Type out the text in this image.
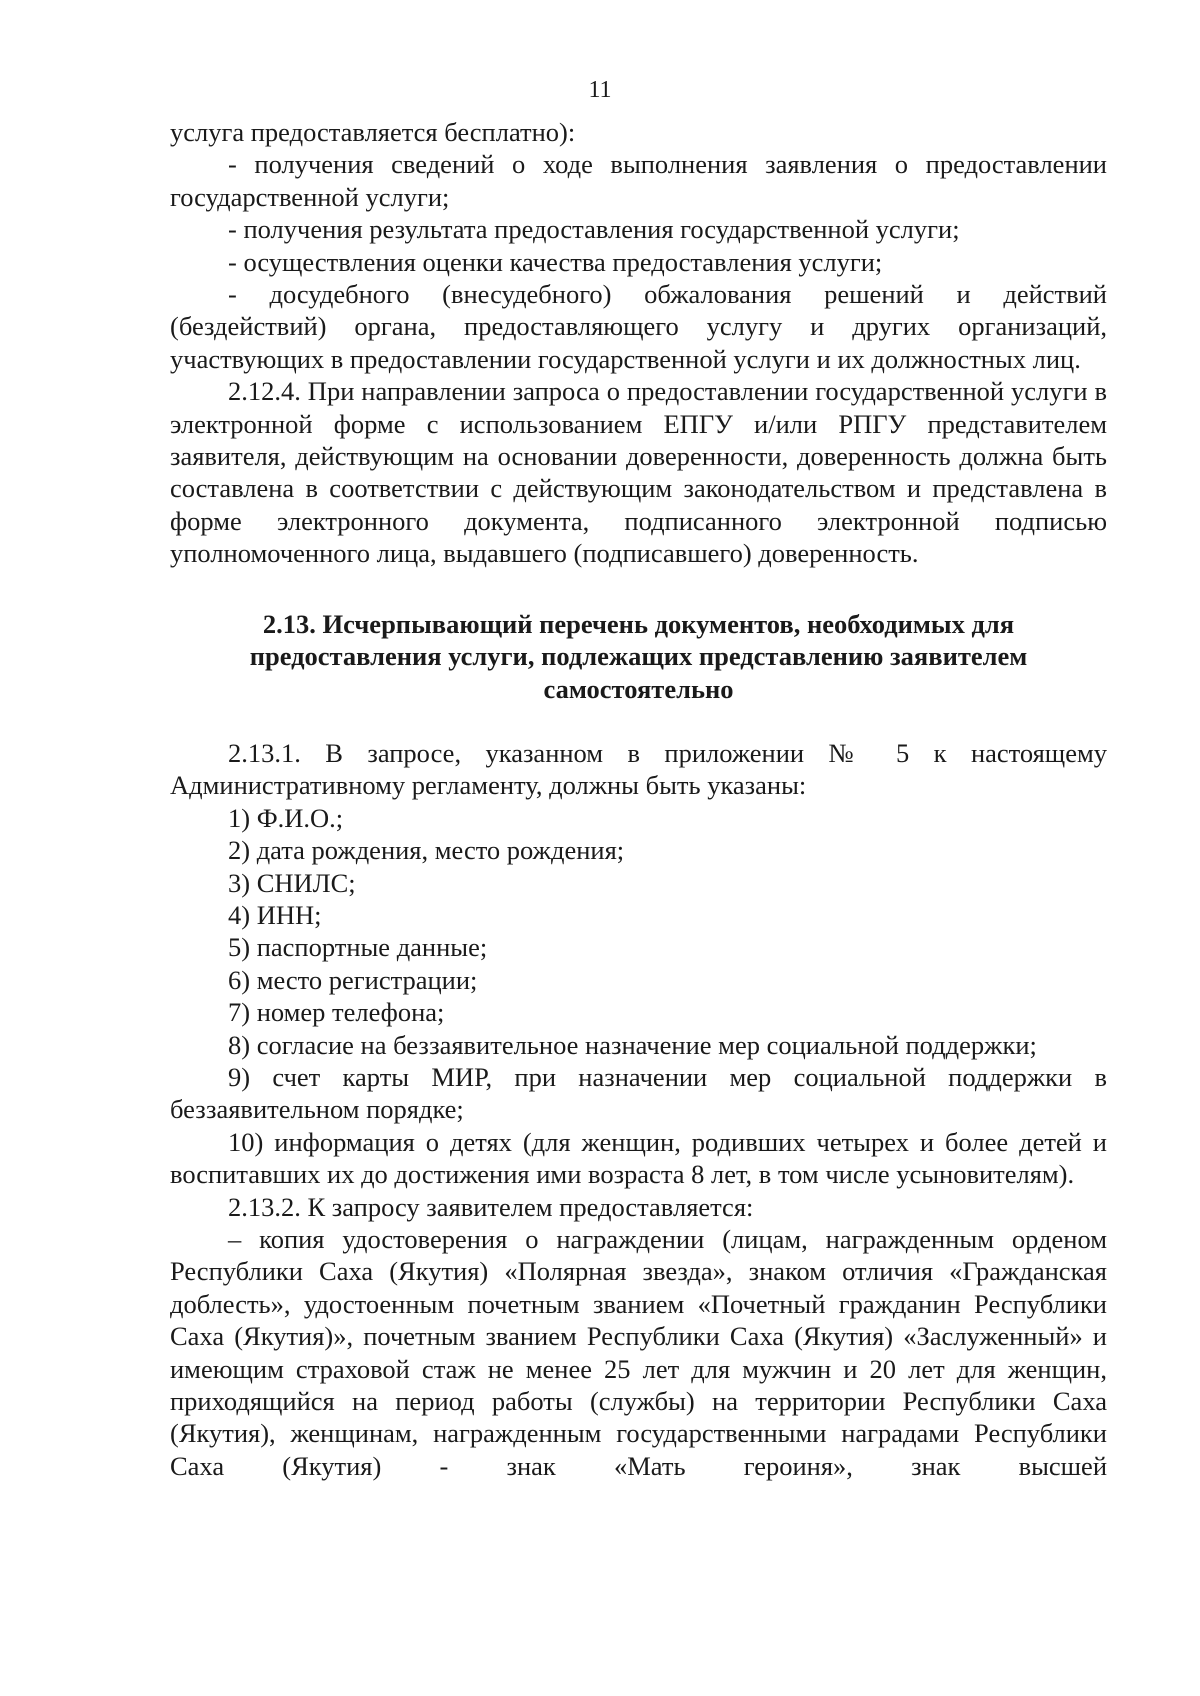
11

услуга предоставляется бесплатно):

- получения сведений о ходе выполнения заявления о предоставлении государственной услуги;

- получения результата предоставления государственной услуги;

- осуществления оценки качества предоставления услуги;

- досудебного (внесудебного) обжалования решений и действий (бездействий) органа, предоставляющего услугу и других организаций, участвующих в предоставлении государственной услуги и их должностных лиц.

2.12.4. При направлении запроса о предоставлении государственной услуги в электронной форме с использованием ЕПГУ и/или РПГУ представителем заявителя, действующим на основании доверенности, доверенность должна быть составлена в соответствии с действующим законодательством и представлена в форме электронного документа, подписанного электронной подписью уполномоченного лица, выдавшего (подписавшего) доверенность.

2.13. Исчерпывающий перечень документов, необходимых для
предоставления услуги, подлежащих представлению заявителем
самостоятельно

2.13.1. В запросе, указанном в приложении № 5 к настоящему Административному регламенту, должны быть указаны:

1) Ф.И.О.;

2) дата рождения, место рождения;

3) СНИЛС;

4) ИНН;

5) паспортные данные;

6) место регистрации;

7) номер телефона;

8) согласие на беззаявительное назначение мер социальной поддержки;

9) счет карты МИР, при назначении мер социальной поддержки в беззаявительном порядке;

10) информация о детях (для женщин, родивших четырех и более детей и воспитавших их до достижения ими возраста 8 лет, в том числе усыновителям).

2.13.2. К запросу заявителем предоставляется:

– копия удостоверения о награждении (лицам, награжденным орденом Республики Саха (Якутия) «Полярная звезда», знаком отличия «Гражданская доблесть», удостоенным почетным званием «Почетный гражданин Республики Саха (Якутия)», почетным званием Республики Саха (Якутия) «Заслуженный» и имеющим страховой стаж не менее 25 лет для мужчин и 20 лет для женщин, приходящийся на период работы (службы) на территории Республики Саха (Якутия), женщинам, награжденным государственными наградами Республики Саха (Якутия) - знак «Мать героиня», знак высшей
